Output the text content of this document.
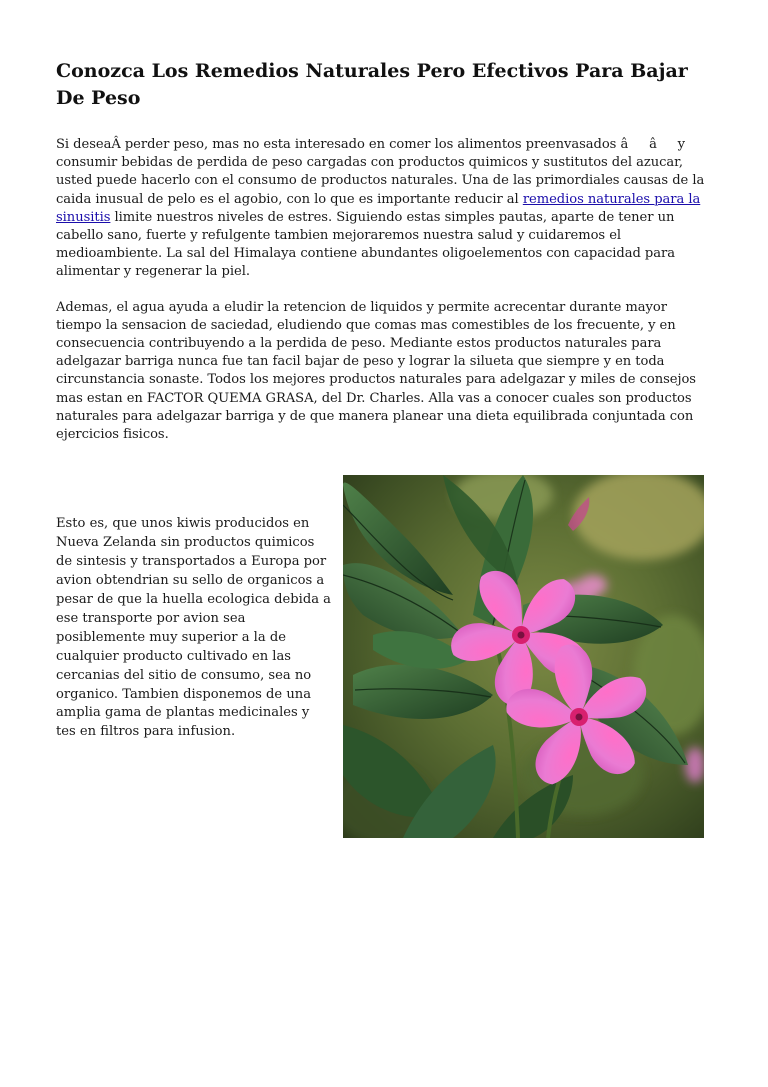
Conozca Los Remedios Naturales Pero Efectivos Para Bajar De Peso

Si deseaÂ perder peso, mas no esta interesado en comer los alimentos preenvasados âây consumir bebidas de perdida de peso cargadas con productos quimicos y sustitutos del azucar, usted puede hacerlo con el consumo de productos naturales. Una de las primordiales causas de la caida inusual de pelo es el agobio, con lo que es importante reducir al remedios naturales para la sinusitis limite nuestros niveles de estres. Siguiendo estas simples pautas, aparte de tener un cabello sano, fuerte y refulgente tambien mejoraremos nuestra salud y cuidaremos el medioambiente. La sal del Himalaya contiene abundantes oligoelementos con capacidad para alimentar y regenerar la piel.

Ademas, el agua ayuda a eludir la retencion de liquidos y permite acrecentar durante mayor tiempo la sensacion de saciedad, eludiendo que comas mas comestibles de los frecuente, y en consecuencia contribuyendo a la perdida de peso. Mediante estos productos naturales para adelgazar barriga nunca fue tan facil bajar de peso y lograr la silueta que siempre y en toda circunstancia sonaste. Todos los mejores productos naturales para adelgazar y miles de consejos mas estan en FACTOR QUEMA GRASA, del Dr. Charles. Alla vas a conocer cuales son productos naturales para adelgazar barriga y de que manera planear una dieta equilibrada conjuntada con ejercicios fisicos.

Esto es, que unos kiwis producidos en Nueva Zelanda sin productos quimicos de sintesis y transportados a Europa por avion obtendrian su sello de organicos a pesar de que la huella ecologica debida a ese transporte por avion sea posiblemente muy superior a la de cualquier producto cultivado en las cercanias del sitio de consumo, sea no organico. Tambien disponemos de una amplia gama de plantas medicinales y tes en filtros para infusion.
